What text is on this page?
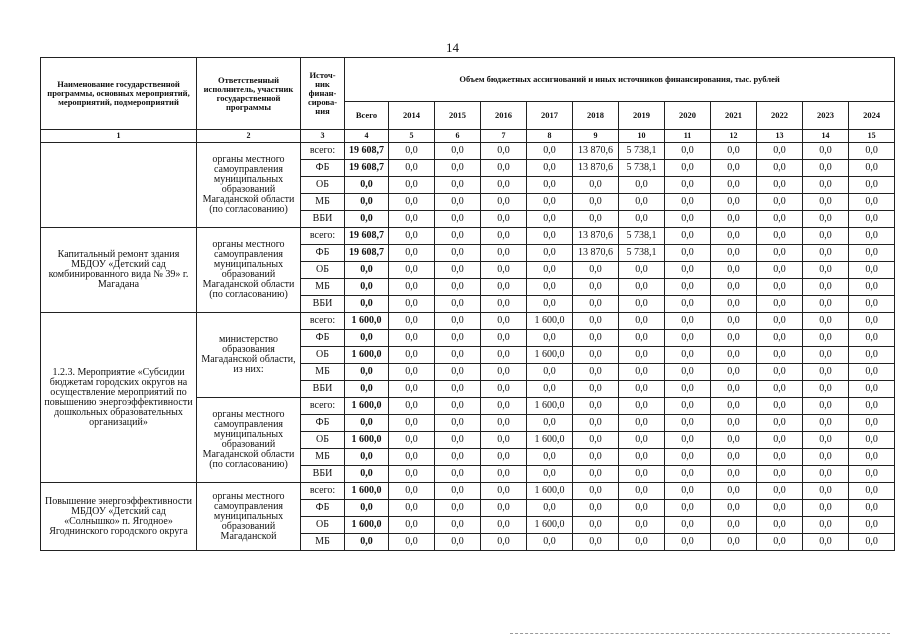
14
Наименование государственной программы, основных мероприятий, мероприятий, подмероприятий	Ответственный исполнитель, участник государственной программы	Источ-ник финан-сирова-ния	Объем бюджетных ассигнований и иных источников финансирования, тыс. рублей											
			Всего	2014	2015	2016	2017	2018	2019	2020	2021	2022	2023	2024
1	2	3	4	5	6	7	8	9	10	11	12	13	14	15
	органы местного самоуправления муниципальных образований Магаданской области (по согласованию)	всего:	19 608,7	0,0	0,0	0,0	0,0	13 870,6	5 738,1	0,0	0,0	0,0	0,0	0,0
		ФБ	19 608,7	0,0	0,0	0,0	0,0	13 870,6	5 738,1	0,0	0,0	0,0	0,0	0,0
		ОБ	0,0	0,0	0,0	0,0	0,0	0,0	0,0	0,0	0,0	0,0	0,0	0,0
		МБ	0,0	0,0	0,0	0,0	0,0	0,0	0,0	0,0	0,0	0,0	0,0	0,0
		ВБИ	0,0	0,0	0,0	0,0	0,0	0,0	0,0	0,0	0,0	0,0	0,0	0,0
Капитальный ремонт здания МБДОУ «Детский сад комбинированного вида № 39» г. Магадана	органы местного самоуправления муниципальных образований Магаданской области (по согласованию)	всего:	19 608,7	0,0	0,0	0,0	0,0	13 870,6	5 738,1	0,0	0,0	0,0	0,0	0,0
		ФБ	19 608,7	0,0	0,0	0,0	0,0	13 870,6	5 738,1	0,0	0,0	0,0	0,0	0,0
		ОБ	0,0	0,0	0,0	0,0	0,0	0,0	0,0	0,0	0,0	0,0	0,0	0,0
		МБ	0,0	0,0	0,0	0,0	0,0	0,0	0,0	0,0	0,0	0,0	0,0	0,0
		ВБИ	0,0	0,0	0,0	0,0	0,0	0,0	0,0	0,0	0,0	0,0	0,0	0,0
1.2.3. Мероприятие «Субсидии бюджетам городских округов на осуществление мероприятий по повышению энергоэффективности дошкольных образовательных организаций»	министерство образования Магаданской области, из них:	всего:	1 600,0	0,0	0,0	0,0	1 600,0	0,0	0,0	0,0	0,0	0,0	0,0	0,0
		ФБ	0,0	0,0	0,0	0,0	0,0	0,0	0,0	0,0	0,0	0,0	0,0	0,0
		ОБ	1 600,0	0,0	0,0	0,0	1 600,0	0,0	0,0	0,0	0,0	0,0	0,0	0,0
		МБ	0,0	0,0	0,0	0,0	0,0	0,0	0,0	0,0	0,0	0,0	0,0	0,0
		ВБИ	0,0	0,0	0,0	0,0	0,0	0,0	0,0	0,0	0,0	0,0	0,0	0,0
	органы местного самоуправления муниципальных образований Магаданской области (по согласованию)	всего:	1 600,0	0,0	0,0	0,0	1 600,0	0,0	0,0	0,0	0,0	0,0	0,0	0,0
		ФБ	0,0	0,0	0,0	0,0	0,0	0,0	0,0	0,0	0,0	0,0	0,0	0,0
		ОБ	1 600,0	0,0	0,0	0,0	1 600,0	0,0	0,0	0,0	0,0	0,0	0,0	0,0
		МБ	0,0	0,0	0,0	0,0	0,0	0,0	0,0	0,0	0,0	0,0	0,0	0,0
		ВБИ	0,0	0,0	0,0	0,0	0,0	0,0	0,0	0,0	0,0	0,0	0,0	0,0
Повышение энергоэффективности МБДОУ «Детский сад «Солнышко» п. Ягодное» Ягоднинского городского округа	органы местного самоуправления муниципальных образований Магаданской	всего:	1 600,0	0,0	0,0	0,0	1 600,0	0,0	0,0	0,0	0,0	0,0	0,0	0,0
		ФБ	0,0	0,0	0,0	0,0	0,0	0,0	0,0	0,0	0,0	0,0	0,0	0,0
		ОБ	1 600,0	0,0	0,0	0,0	1 600,0	0,0	0,0	0,0	0,0	0,0	0,0	0,0
		МБ	0,0	0,0	0,0	0,0	0,0	0,0	0,0	0,0	0,0	0,0	0,0	0,0
